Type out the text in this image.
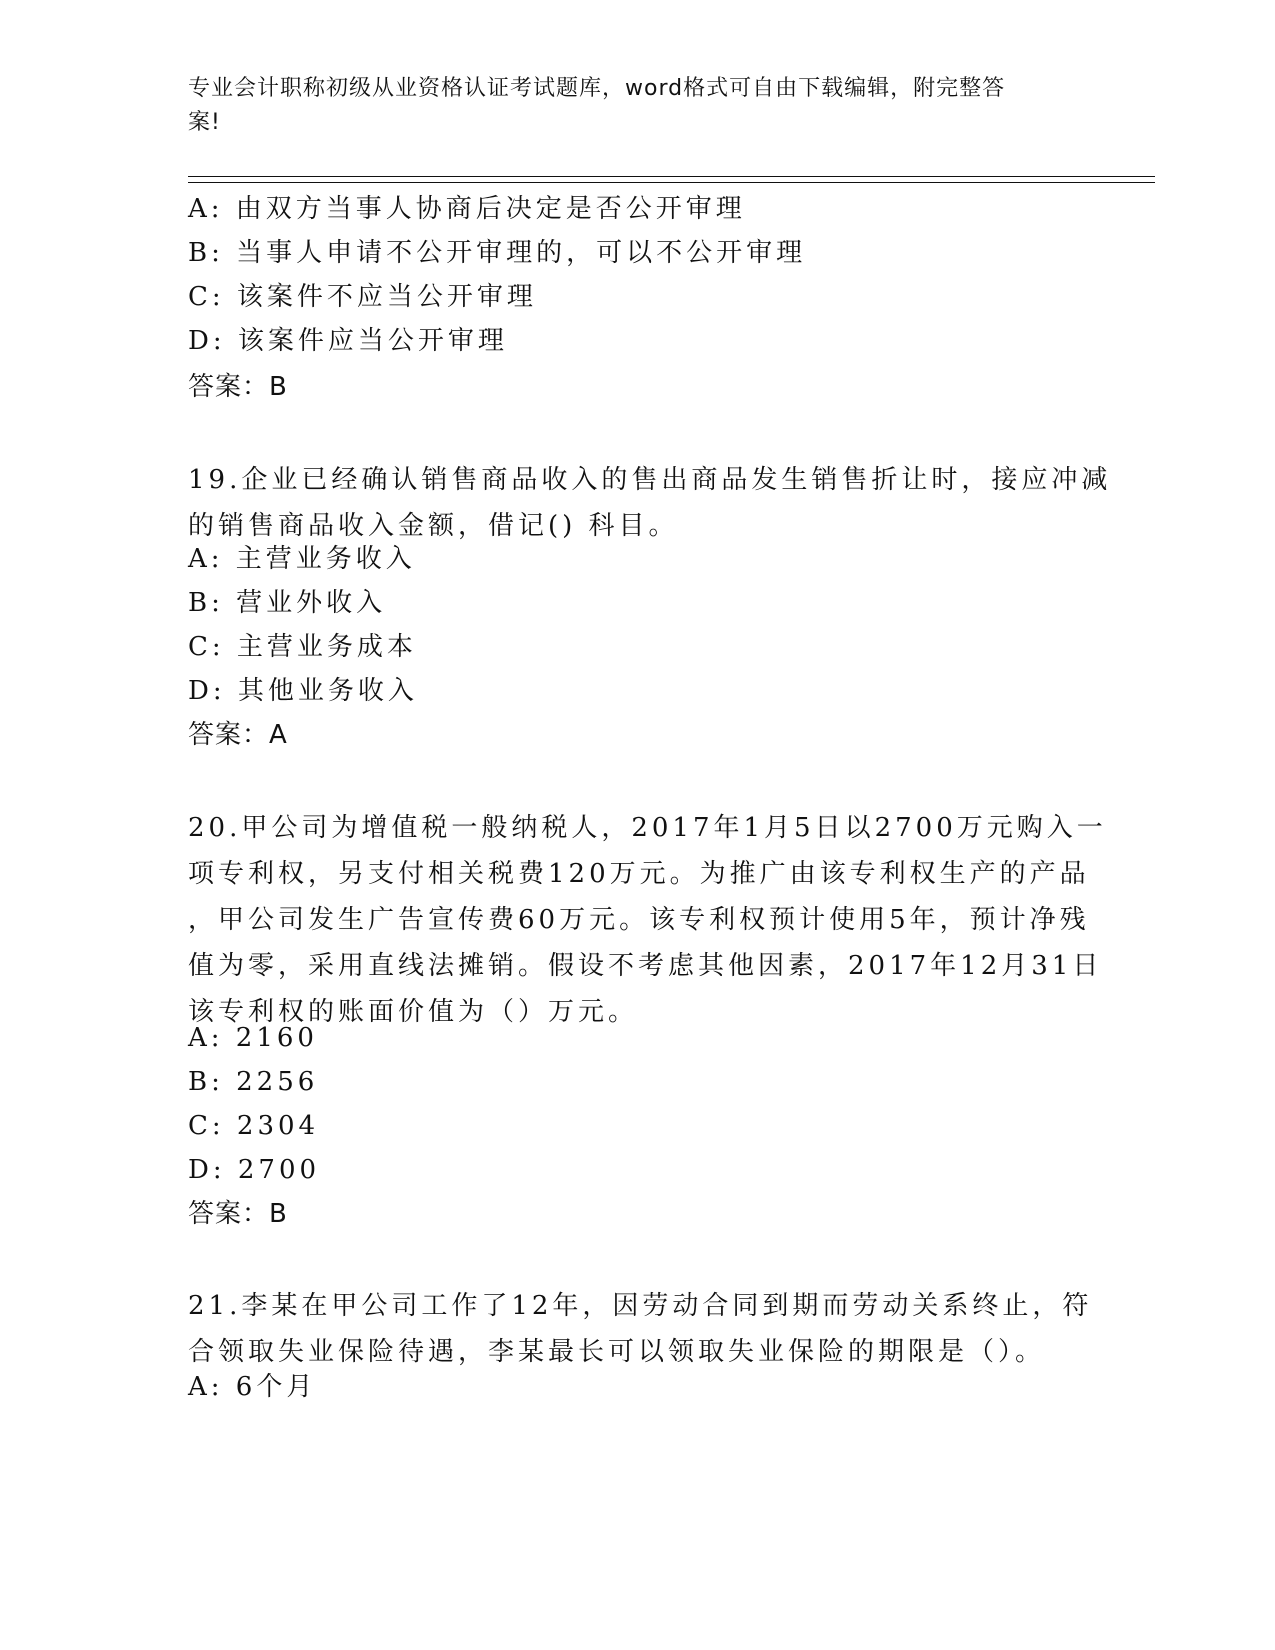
专业会计职称初级从业资格认证考试题库，word格式可自由下载编辑，附完整答
案!
A: 由双方当事人协商后决定是否公开审理
B: 当事人申请不公开审理的，可以不公开审理
C: 该案件不应当公开审理
D: 该案件应当公开审理
答案：B
19.企业已经确认销售商品收入的售出商品发生销售折让时，接应冲减
的销售商品收入金额，借记() 科目。
A: 主营业务收入
B: 营业外收入
C: 主营业务成本
D: 其他业务收入
答案：A
20.甲公司为增值税一般纳税人，2017年1月5日以2700万元购入一
项专利权，另支付相关税费120万元。为推广由该专利权生产的产品
，甲公司发生广告宣传费60万元。该专利权预计使用5年，预计净残
值为零，采用直线法摊销。假设不考虑其他因素，2017年12月31日
该专利权的账面价值为（）万元。
A: 2160
B: 2256
C: 2304
D: 2700
答案：B
21.李某在甲公司工作了12年，因劳动合同到期而劳动关系终止，符
合领取失业保险待遇，李某最长可以领取失业保险的期限是（）。
A: 6个月
